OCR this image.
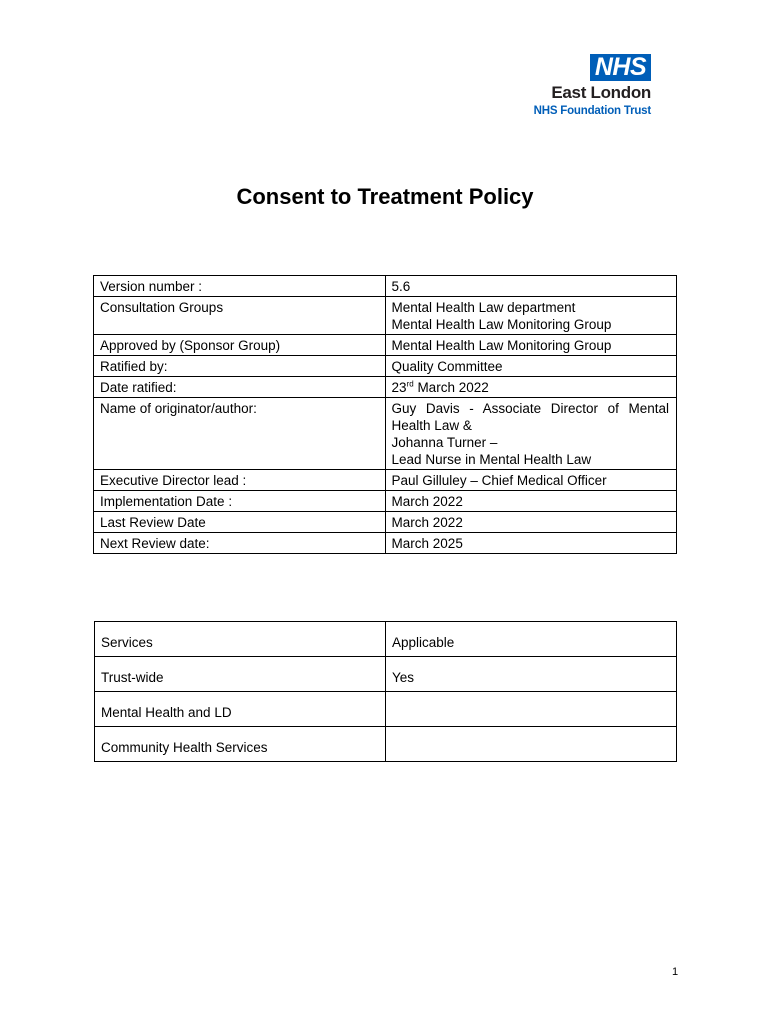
NHS
East London
NHS Foundation Trust
Consent to Treatment Policy
Version number :	5.6

Consultation Groups	Mental Health Law department
Mental Health Law Monitoring Group

Approved by (Sponsor Group)	Mental Health Law Monitoring Group

Ratified by:	Quality Committee

Date ratified:	23rd March 2022
Name of originator/author:	Guy Davis - Associate Director of Mental Health Law &
Johanna Turner –
Lead Nurse in Mental Health Law

Executive Director lead :	Paul Gilluley – Chief Medical Officer

Implementation Date :	March 2022

Last Review Date	March 2022

Next Review date:	March 2025
Services	Applicable
Trust-wide	Yes
Mental Health and LD	
Community Health Services	
1
